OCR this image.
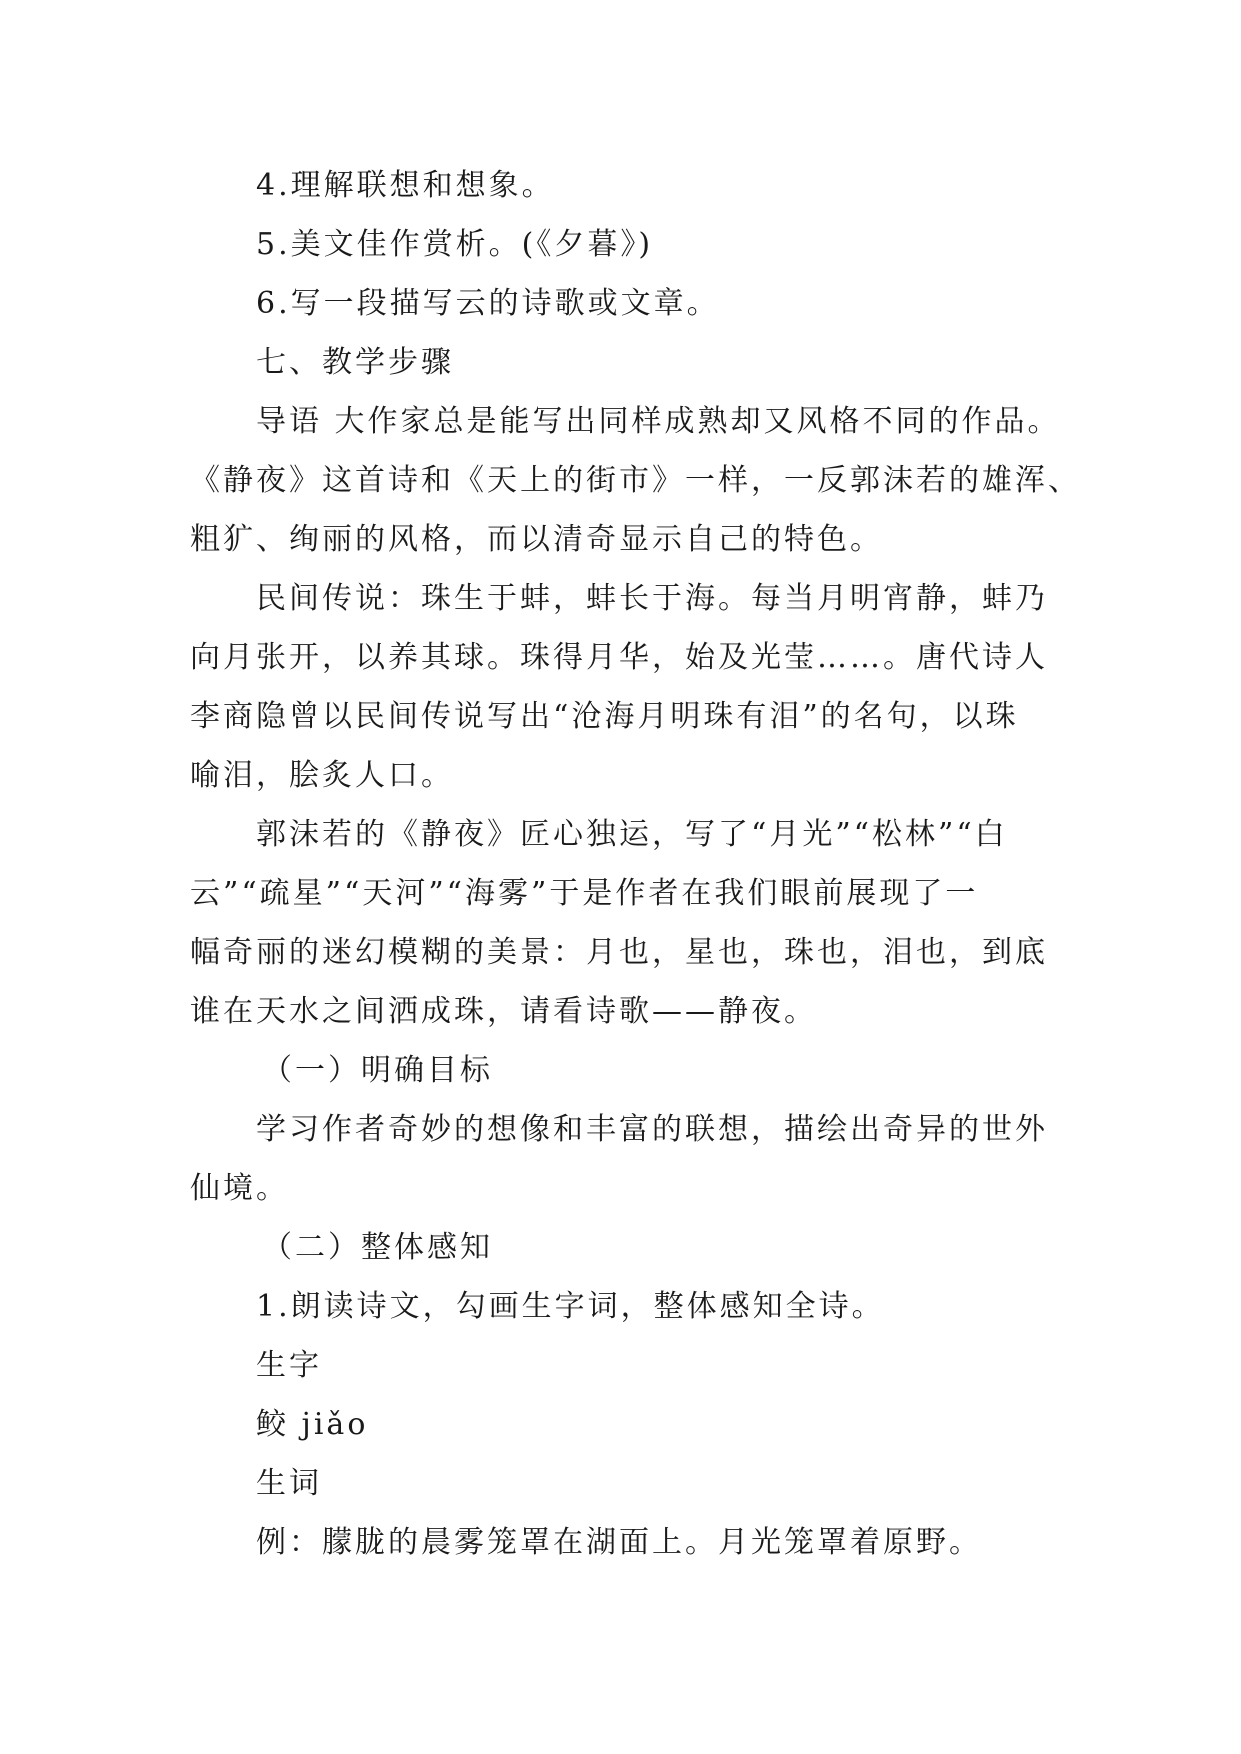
4.理解联想和想象。
5.美文佳作赏析。(《夕暮》)
6.写一段描写云的诗歌或文章。
七、教学步骤
导语 大作家总是能写出同样成熟却又风格不同的作品。
《静夜》这首诗和《天上的街市》一样，一反郭沫若的雄浑、
粗犷、绚丽的风格，而以清奇显示自己的特色。
民间传说：珠生于蚌，蚌长于海。每当月明宵静，蚌乃
向月张开，以养其球。珠得月华，始及光莹……。唐代诗人
李商隐曾以民间传说写出“沧海月明珠有泪”的名句，以珠
喻泪，脍炙人口。
郭沫若的《静夜》匠心独运，写了“月光”“松林”“白
云”“疏星”“天河”“海雾”于是作者在我们眼前展现了一
幅奇丽的迷幻模糊的美景：月也，星也，珠也，泪也，到底
谁在天水之间洒成珠，请看诗歌——静夜。
（一）明确目标
学习作者奇妙的想像和丰富的联想，描绘出奇异的世外
仙境。
（二）整体感知
1.朗读诗文，勾画生字词，整体感知全诗。
生字
鲛 jiǎo
生词
例：朦胧的晨雾笼罩在湖面上。月光笼罩着原野。
